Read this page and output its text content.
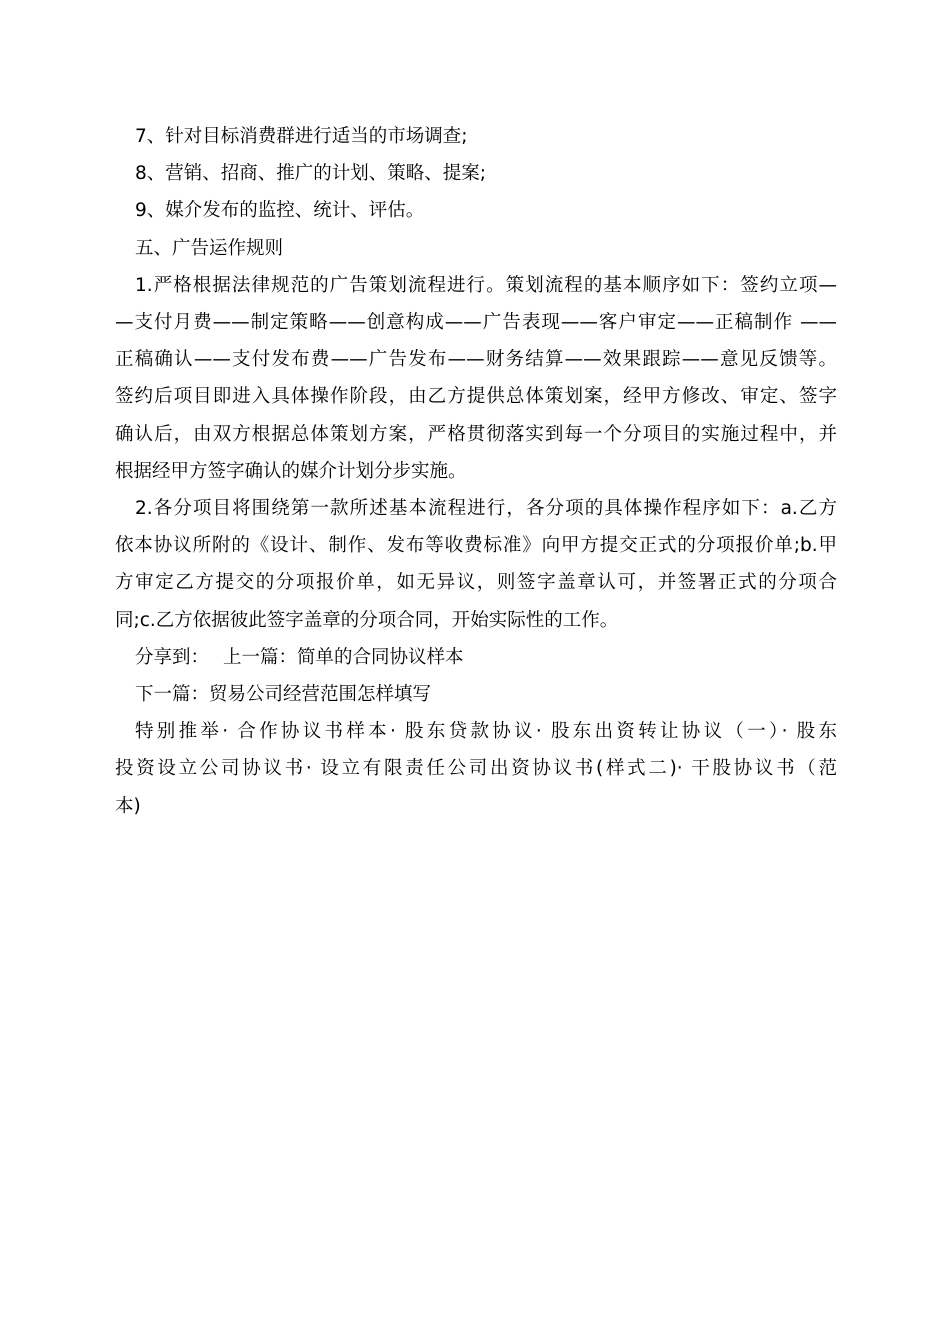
7、针对目标消费群进行适当的市场调查;
8、营销、招商、推广的计划、策略、提案;
9、媒介发布的监控、统计、评估。
五、广告运作规则
1.严格根据法律规范的广告策划流程进行。策划流程的基本顺序如下：签约立项—
—支付月费——制定策略——创意构成——广告表现——客户审定——正稿制作 ——
正稿确认——支付发布费——广告发布——财务结算——效果跟踪——意见反馈等。
签约后项目即进入具体操作阶段，由乙方提供总体策划案，经甲方修改、审定、签字
确认后，由双方根据总体策划方案，严格贯彻落实到每一个分项目的实施过程中，并
根据经甲方签字确认的媒介计划分步实施。
2.各分项目将围绕第一款所述基本流程进行，各分项的具体操作程序如下：a.乙方
依本协议所附的《设计、制作、发布等收费标准》向甲方提交正式的分项报价单;b.甲
方审定乙方提交的分项报价单，如无异议，则签字盖章认可，并签署正式的分项合
同;c.乙方依据彼此签字盖章的分项合同，开始实际性的工作。
分享到： 上一篇：简单的合同协议样本
下一篇：贸易公司经营范围怎样填写
特别推举· 合作协议书样本· 股东贷款协议· 股东出资转让协议（一）· 股东
投资设立公司协议书· 设立有限责任公司出资协议书(样式二)· 干股协议书（范
本)
